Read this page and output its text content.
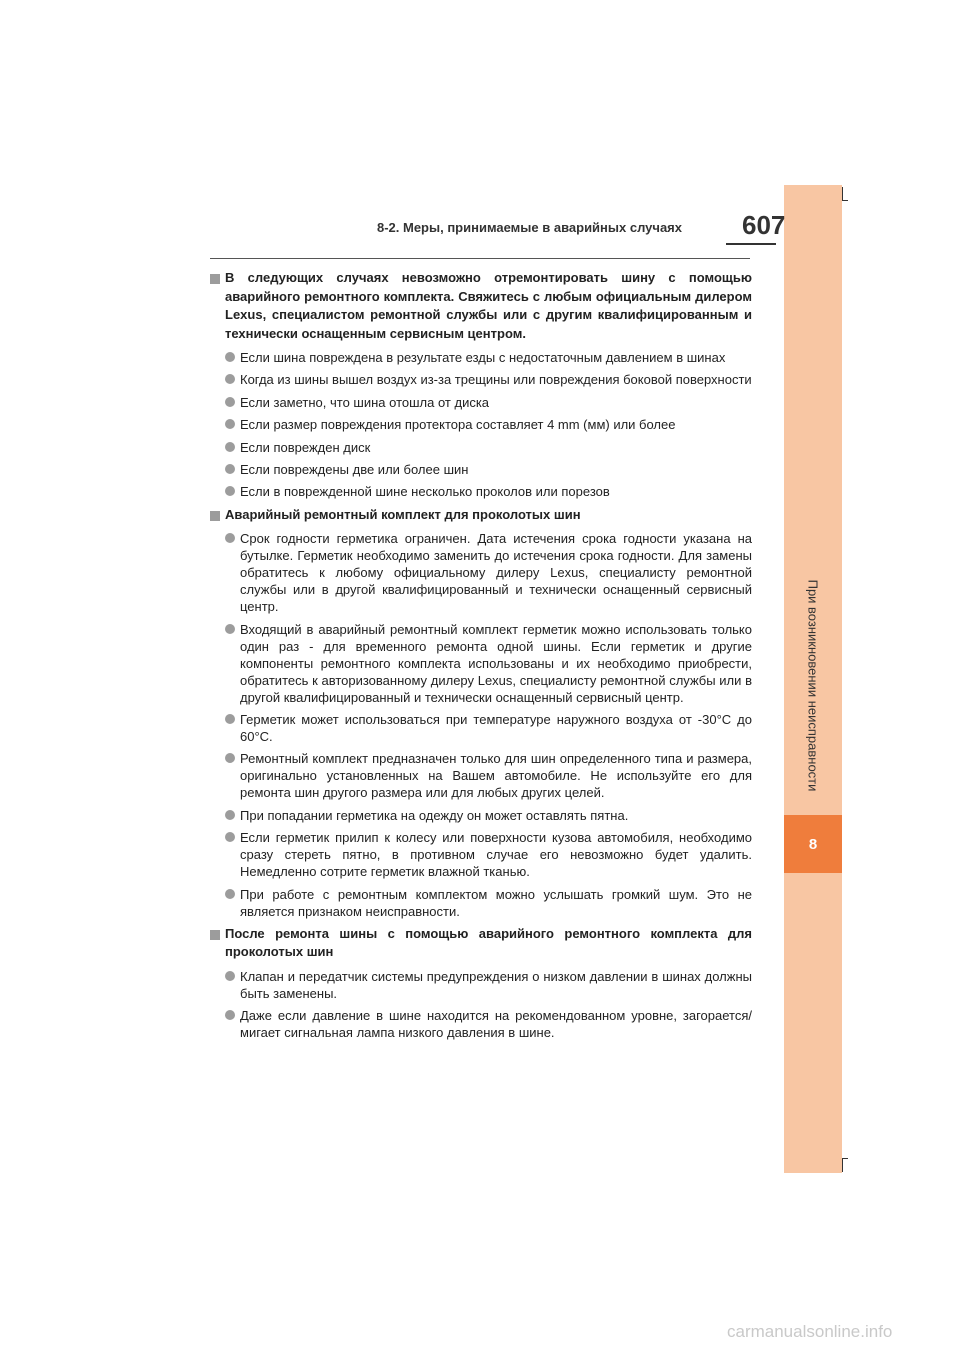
При возникновении неисправности
8
8-2. Меры, принимаемые в аварийных случаях 607
В следующих случаях невозможно отремонтировать шину с помощью аварийного ремонтного комплекта. Свяжитесь с любым официальным дилером Lexus, специалистом ремонтной службы или с другим квалифицированным и технически оснащенным сервисным центром.
Если шина повреждена в результате езды с недостаточным давлением в шинах
Когда из шины вышел воздух из-за трещины или повреждения боковой поверхности
Если заметно, что шина отошла от диска
Если размер повреждения протектора составляет 4 mm (мм) или более
Если поврежден диск
Если повреждены две или более шин
Если в поврежденной шине несколько проколов или порезов
Аварийный ремонтный комплект для проколотых шин
Срок годности герметика ограничен. Дата истечения срока годности указана на бутылке. Герметик необходимо заменить до истечения срока годности. Для замены обратитесь к любому официальному дилеру Lexus, специалисту ремонтной службы или в другой квалифицированный и технически оснащенный сервисный центр.
Входящий в аварийный ремонтный комплект герметик можно использовать только один раз - для временного ремонта одной шины. Если герметик и другие компоненты ремонтного комплекта использованы и их необходимо приобрести, обратитесь к авторизованному дилеру Lexus, специалисту ремонтной службы или в другой квалифицированный и технически оснащенный сервисный центр.
Герметик может использоваться при температуре наружного воздуха от -30°C до 60°C.
Ремонтный комплект предназначен только для шин определенного типа и размера, оригинально установленных на Вашем автомобиле. Не используйте его для ремонта шин другого размера или для любых других целей.
При попадании герметика на одежду он может оставлять пятна.
Если герметик прилип к колесу или поверхности кузова автомобиля, необходимо сразу стереть пятно, в противном случае его невозможно будет удалить. Немедленно сотрите герметик влажной тканью.
При работе с ремонтным комплектом можно услышать громкий шум. Это не является признаком неисправности.
После ремонта шины с помощью аварийного ремонтного комплекта для проколотых шин
Клапан и передатчик системы предупреждения о низком давлении в шинах должны быть заменены.
Даже если давление в шине находится на рекомендованном уровне, загорается/мигает сигнальная лампа низкого давления в шине.
carmanualsonline.info
